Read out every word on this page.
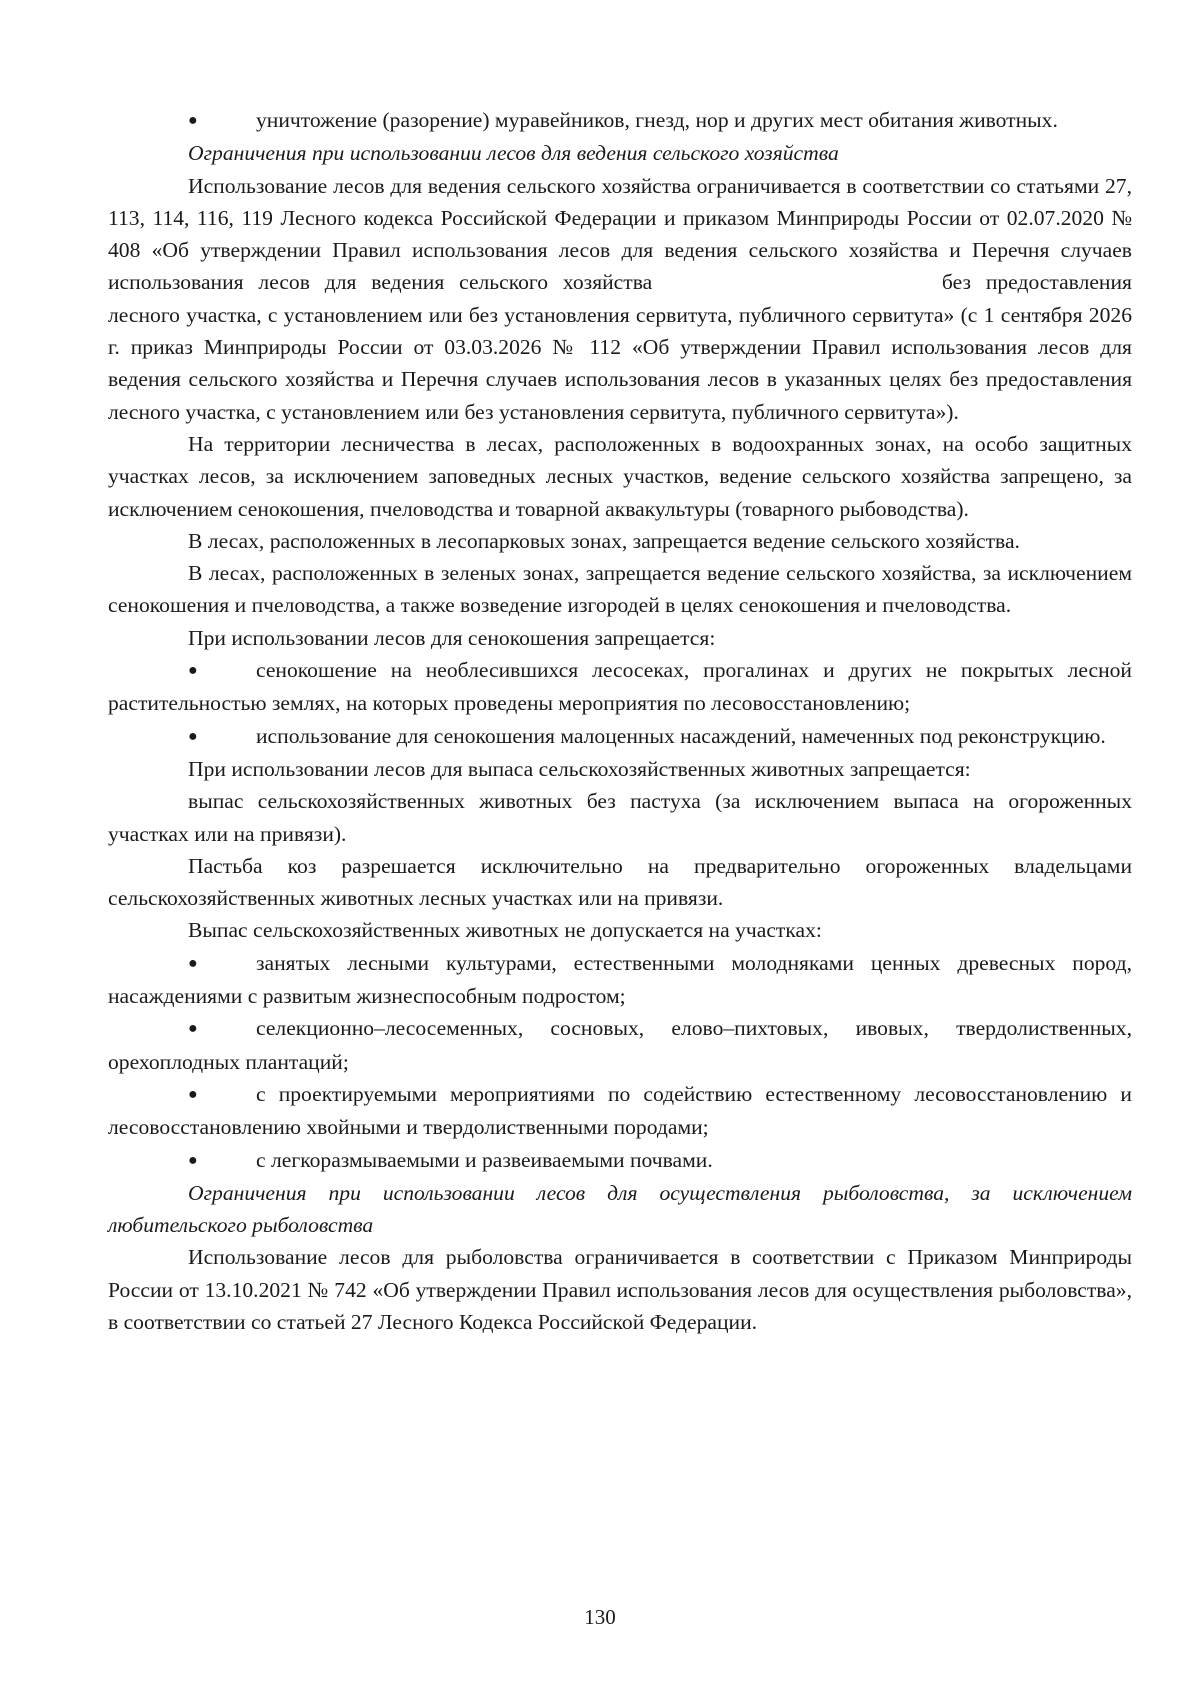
●	уничтожение (разорение) муравейников, гнезд, нор и других мест обитания животных.

Ограничения при использовании лесов для ведения сельского хозяйства

Использование лесов для ведения сельского хозяйства ограничивается в соответствии со статьями 27, 113, 114, 116, 119 Лесного кодекса Российской Федерации и приказом Минприроды России от 02.07.2020 № 408 «Об утверждении Правил использования лесов для ведения сельского хозяйства и Перечня случаев использования лесов для ведения сельского хозяйства	без предоставления лесного участка, с установлением или без установления сервитута, публичного сервитута» (с 1 сентября 2026 г. приказ Минприроды России от 03.03.2026 № 112 «Об утверждении Правил использования лесов для ведения сельского хозяйства и Перечня случаев использования лесов в указанных целях без предоставления лесного участка, с установлением или без установления сервитута, публичного сервитута»).

На территории лесничества в лесах, расположенных в водоохранных зонах, на особо защитных участках лесов, за исключением заповедных лесных участков, ведение сельского хозяйства запрещено, за исключением сенокошения, пчеловодства и товарной аквакультуры (товарного рыбоводства).

В лесах, расположенных в лесопарковых зонах, запрещается ведение сельского хозяйства.

В лесах, расположенных в зеленых зонах, запрещается ведение сельского хозяйства, за исключением сенокошения и пчеловодства, а также возведение изгородей в целях сенокошения и пчеловодства.

При использовании лесов для сенокошения запрещается:

●	сенокошение на необлесившихся лесосеках, прогалинах и других не покрытых лесной растительностью землях, на которых проведены мероприятия по лесовосстановлению;

●	использование для сенокошения малоценных насаждений, намеченных под реконструкцию.

При использовании лесов для выпаса сельскохозяйственных животных запрещается:

выпас сельскохозяйственных животных без пастуха (за исключением выпаса на огороженных участках или на привязи).

Пастьба коз разрешается исключительно на предварительно огороженных владельцами сельскохозяйственных животных лесных участках или на привязи.

Выпас сельскохозяйственных животных не допускается на участках:

●	занятых лесными культурами, естественными молодняками ценных древесных пород, насаждениями с развитым жизнеспособным подростом;

●	селекционно–лесосеменных, сосновых, елово–пихтовых, ивовых, твердолиственных, орехоплодных плантаций;

●	с проектируемыми мероприятиями по содействию естественному лесовосстановлению и лесовосстановлению хвойными и твердолиственными породами;

●	с легкоразмываемыми и развеиваемыми почвами.

Ограничения при использовании лесов для осуществления рыболовства, за исключением любительского рыболовства

Использование лесов для рыболовства ограничивается в соответствии с Приказом Минприроды России от 13.10.2021 № 742 «Об утверждении Правил использования лесов для осуществления рыболовства», в соответствии со статьей 27 Лесного Кодекса Российской Федерации.

130
